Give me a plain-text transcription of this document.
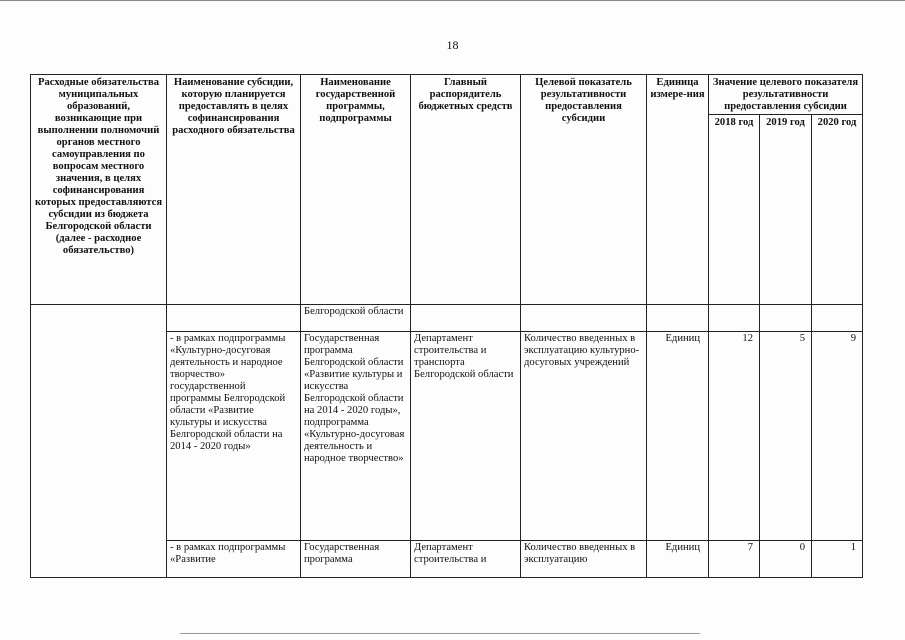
18
Расходные обязательства муниципальных образований, возникающие при выполнении полномочий органов местного самоуправления по вопросам местного значения, в целях софинансирования которых предоставляются субсидии из бюджета Белгородской области (далее - расходное обязательство)	Наименование субсидии, которую планируется предоставлять в целях софинансирования расходного обязательства	Наименование государственной программы, подпрограммы	Главный распорядитель бюджетных средств	Целевой показатель результативности предоставления субсидии	Единица измере-ния	Значение целевого показателя результативности предоставления субсидии		
						2018 год	2019 год	2020 год
		Белгородской области						
	- в рамках подпрограммы «Культурно-досуговая деятельность и народное творчество» государственной программы Белгородской области «Развитие культуры и искусства Белгородской области на 2014 - 2020 годы»	Государственная программа Белгородской области «Развитие культуры и искусства Белгородской области на 2014 - 2020 годы», подпрограмма «Культурно-досуговая деятельность и народное творчество»	Департамент строительства и транспорта Белгородской области	Количество введенных в эксплуатацию культурно-досуговых учреждений	Единиц	12	5	9
	- в рамках подпрограммы «Развитие	Государственная программа	Департамент строительства и	Количество введенных в эксплуатацию	Единиц	7	0	1
